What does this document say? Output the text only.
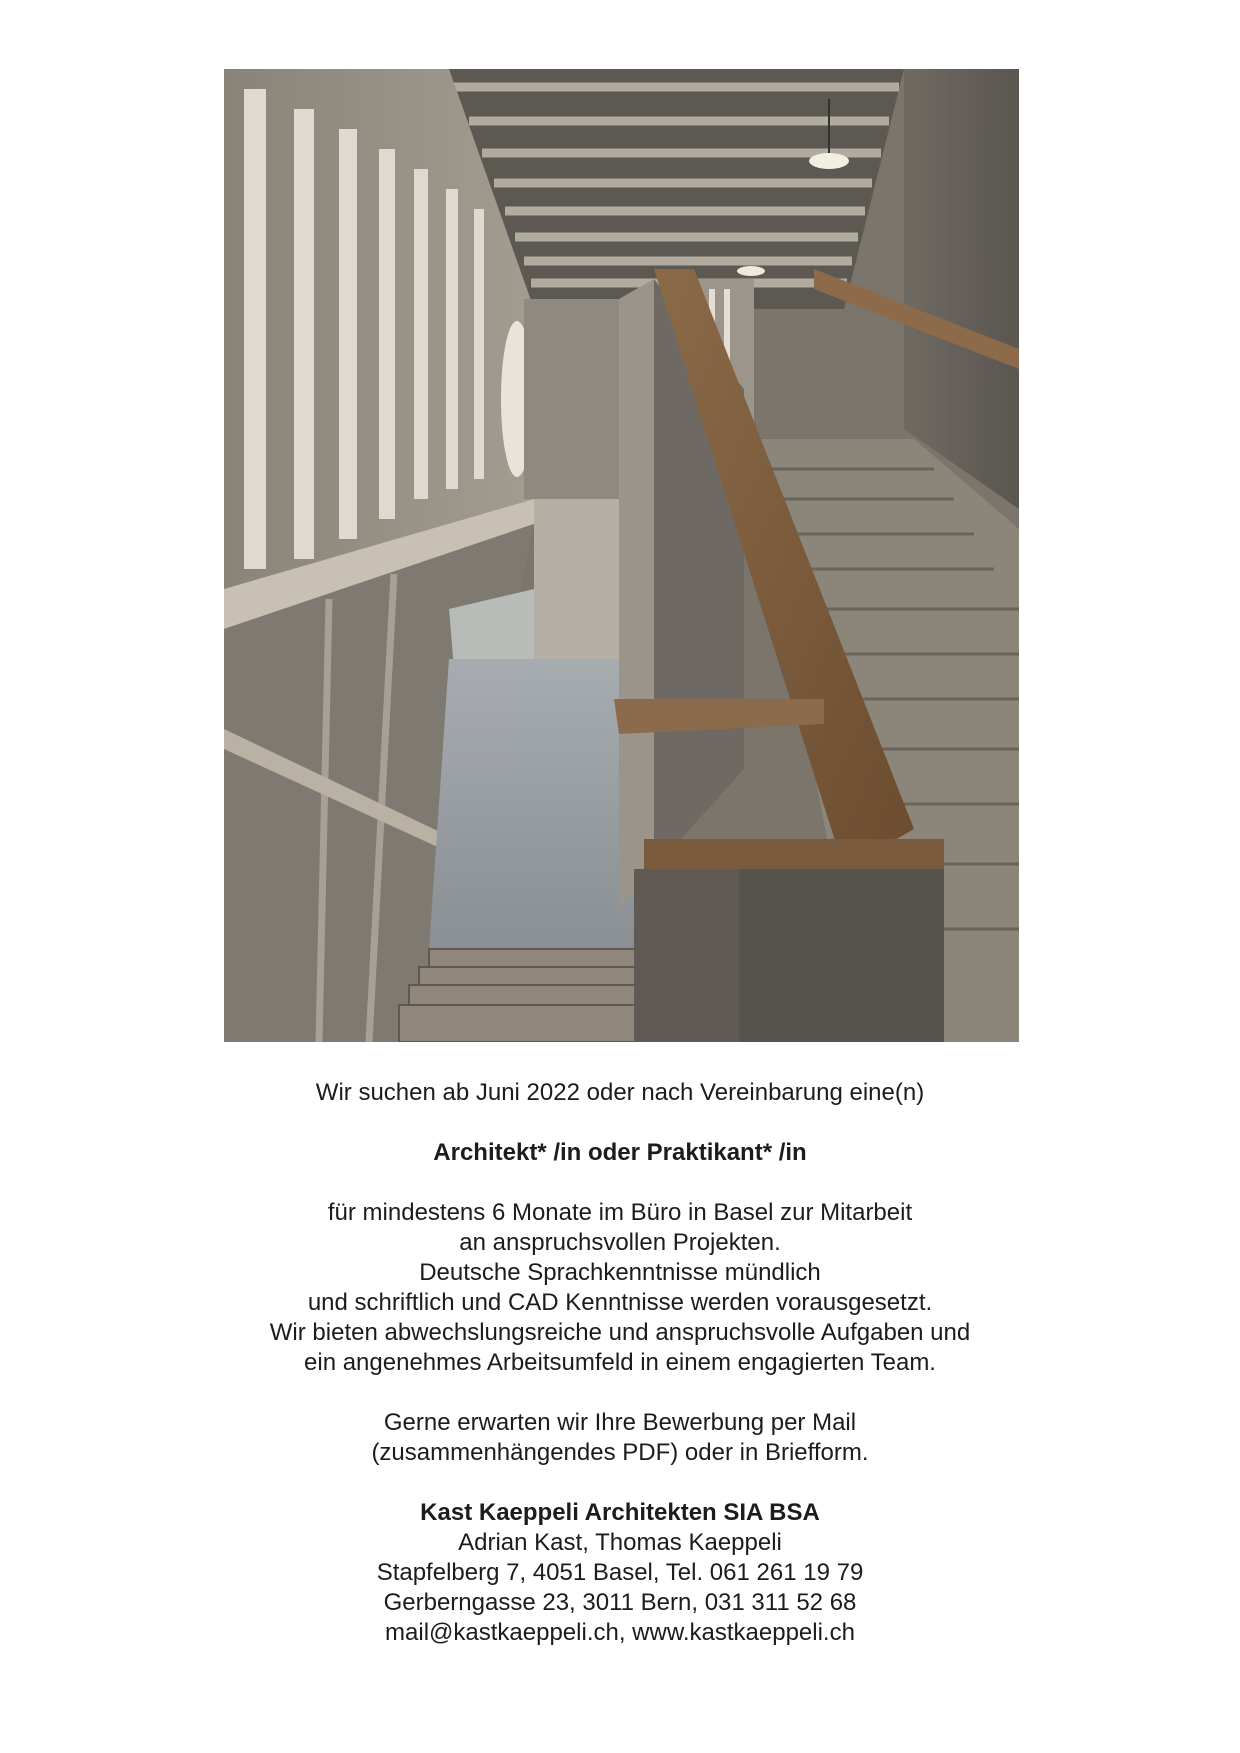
Wir suchen ab Juni 2022 oder nach Vereinbarung eine(n)

Architekt* /in oder Praktikant* /in

für mindestens 6 Monate im Büro in Basel zur Mitarbeit

an anspruchsvollen Projekten.

Deutsche Sprachkenntnisse mündlich

und schriftlich und CAD Kenntnisse werden vorausgesetzt.

Wir bieten abwechslungsreiche und anspruchsvolle Aufgaben und

ein angenehmes Arbeitsumfeld in einem engagierten Team.

Gerne erwarten wir Ihre Bewerbung per Mail

(zusammenhängendes PDF) oder in Briefform.

Kast Kaeppeli Architekten SIA BSA

Adrian Kast, Thomas Kaeppeli

Stapfelberg 7, 4051 Basel, Tel. 061 261 19 79

Gerberngasse 23, 3011 Bern, 031 311 52 68

mail@kastkaeppeli.ch, www.kastkaeppeli.ch
